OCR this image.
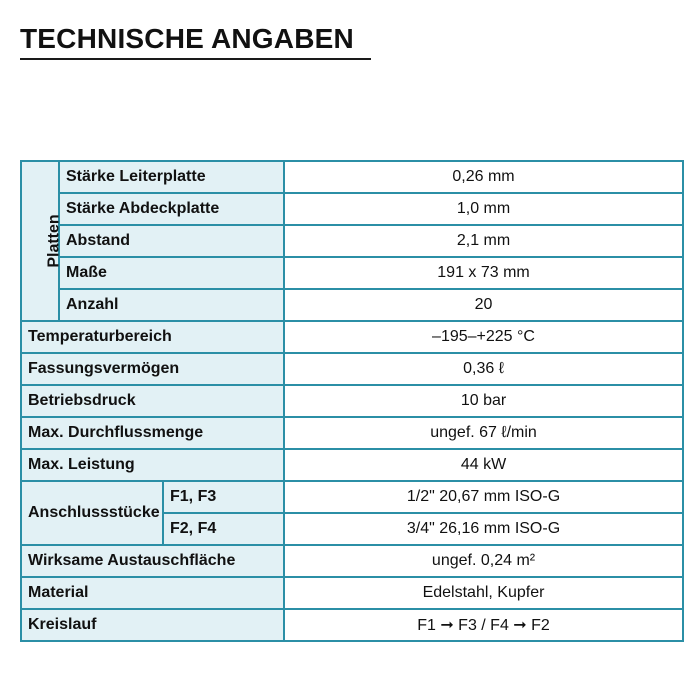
TECHNISCHE ANGABEN
Platten	Stärke Leiterplatte		0,26 mm
	Stärke Abdeckplatte		1,0 mm
	Abstand		2,1 mm
	Maße		191 x 73 mm
	Anzahl		20
Temperaturbereich			–195–+225 °C
Fassungsvermögen			0,36 ℓ
Betriebsdruck			10 bar
Max. Durchflussmenge			ungef. 67 ℓ/min
Max. Leistung			44 kW
Anschlussstücke		F1, F3	1/2" 20,67 mm ISO-G
		F2, F4	3/4" 26,16 mm ISO-G
Wirksame Austauschfläche			ungef. 0,24 m²
Material			Edelstahl, Kupfer
Kreislauf			F1 ➞ F3 / F4 ➞ F2
